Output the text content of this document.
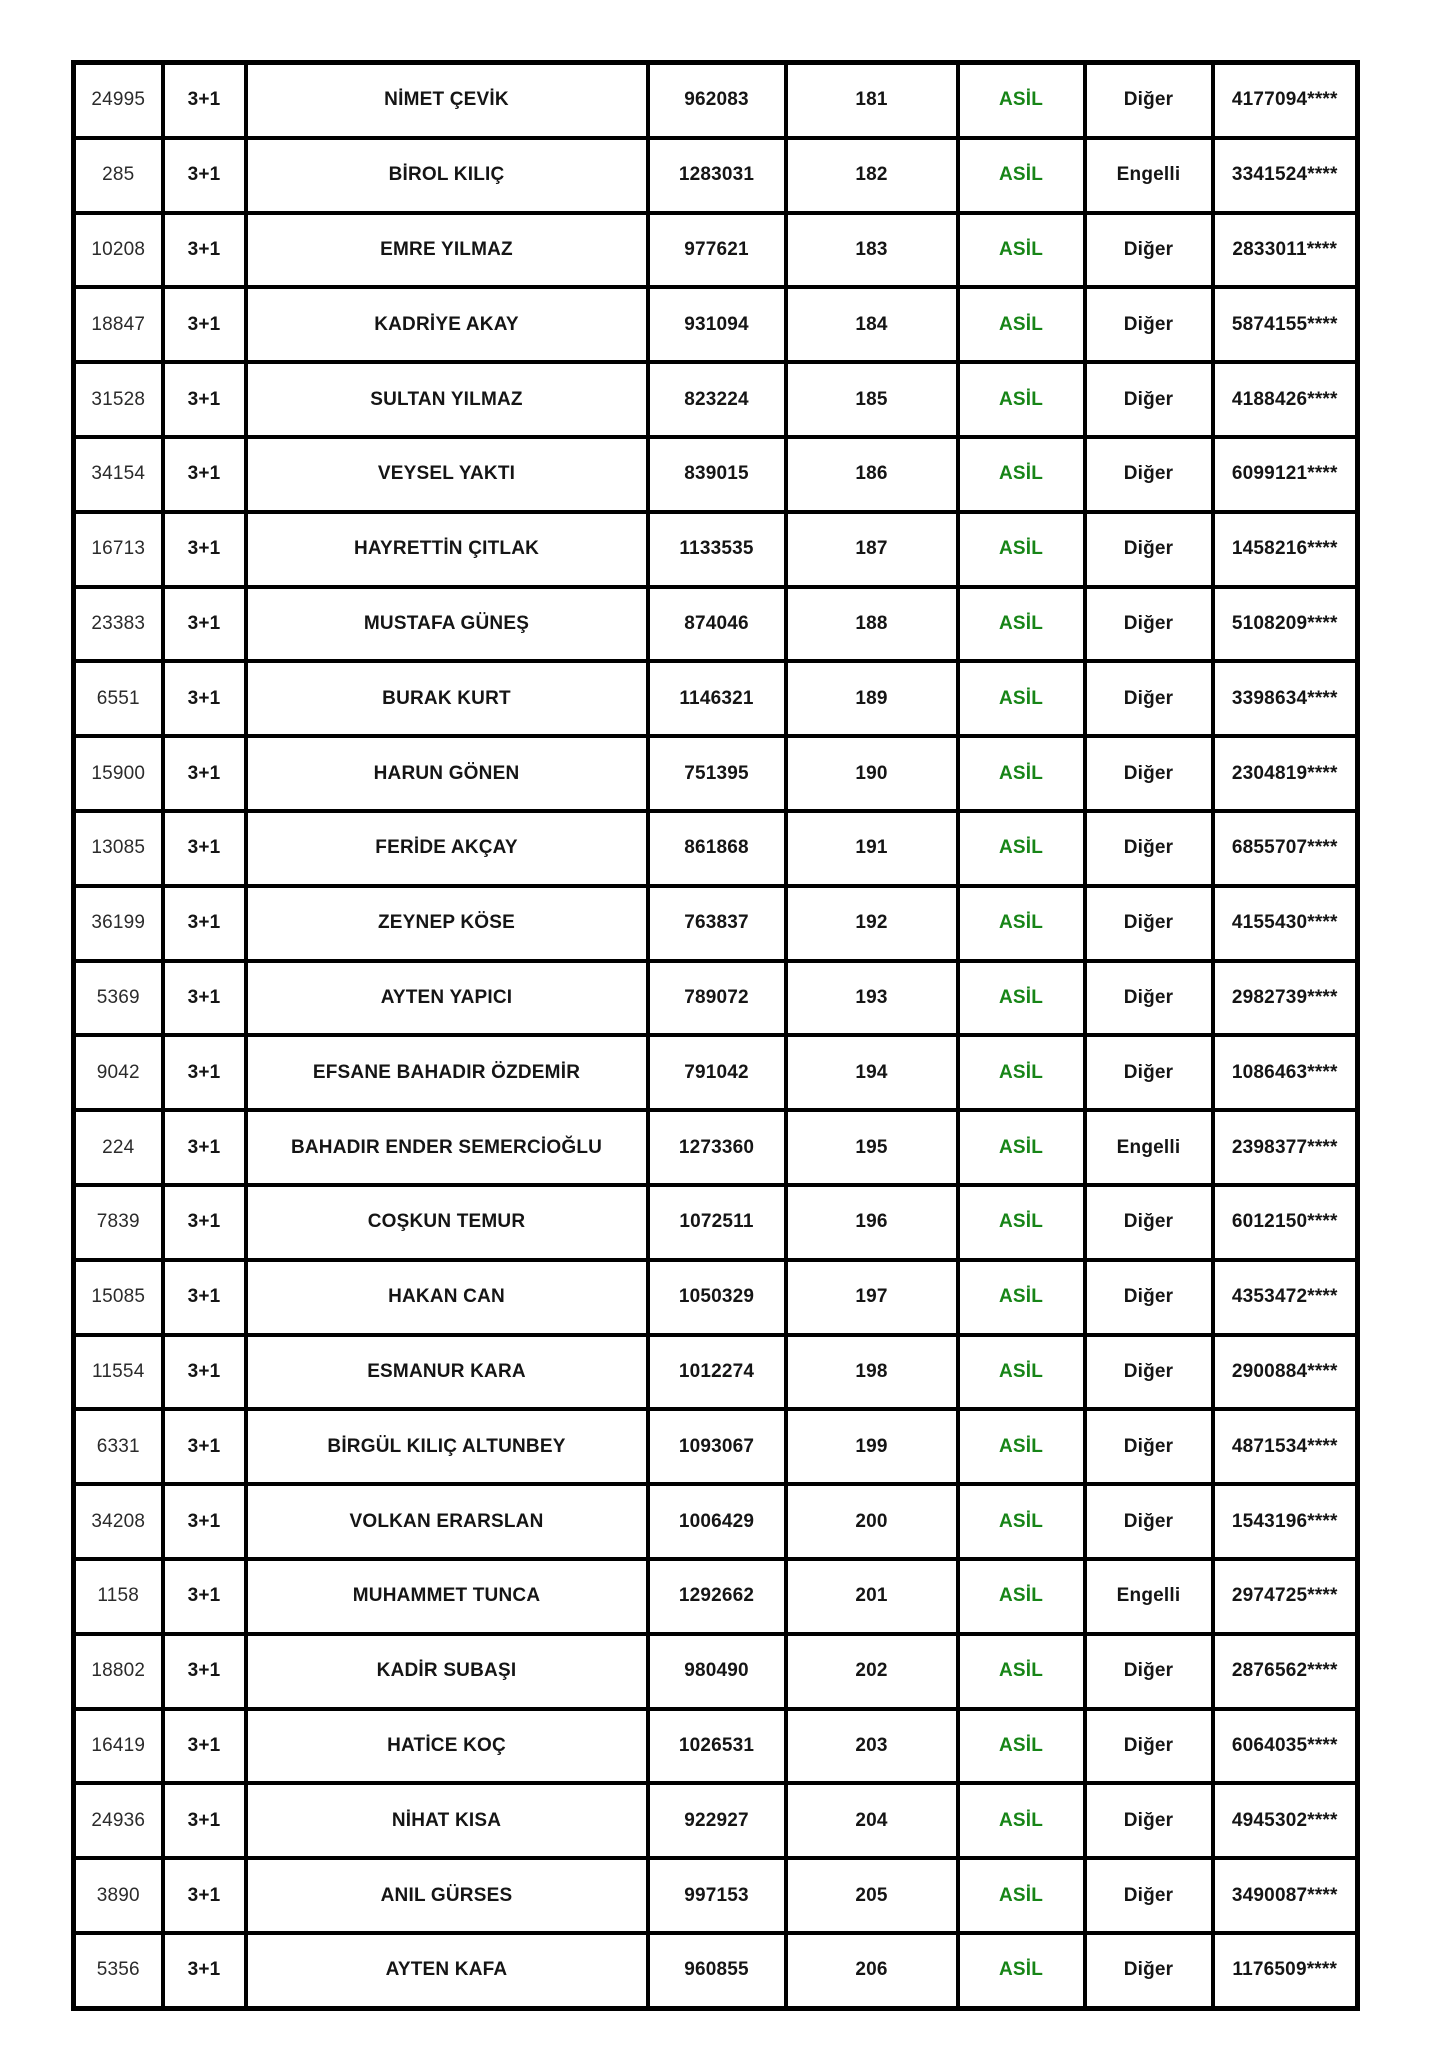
24995	3+1	NİMET ÇEVİK	962083	181	ASİL	Diğer	4177094****
285	3+1	BİROL KILIÇ	1283031	182	ASİL	Engelli	3341524****
10208	3+1	EMRE YILMAZ	977621	183	ASİL	Diğer	2833011****
18847	3+1	KADRİYE AKAY	931094	184	ASİL	Diğer	5874155****
31528	3+1	SULTAN YILMAZ	823224	185	ASİL	Diğer	4188426****
34154	3+1	VEYSEL YAKTI	839015	186	ASİL	Diğer	6099121****
16713	3+1	HAYRETTİN ÇITLAK	1133535	187	ASİL	Diğer	1458216****
23383	3+1	MUSTAFA GÜNEŞ	874046	188	ASİL	Diğer	5108209****
6551	3+1	BURAK KURT	1146321	189	ASİL	Diğer	3398634****
15900	3+1	HARUN GÖNEN	751395	190	ASİL	Diğer	2304819****
13085	3+1	FERİDE AKÇAY	861868	191	ASİL	Diğer	6855707****
36199	3+1	ZEYNEP KÖSE	763837	192	ASİL	Diğer	4155430****
5369	3+1	AYTEN YAPICI	789072	193	ASİL	Diğer	2982739****
9042	3+1	EFSANE BAHADIR ÖZDEMİR	791042	194	ASİL	Diğer	1086463****
224	3+1	BAHADIR ENDER SEMERCİOĞLU	1273360	195	ASİL	Engelli	2398377****
7839	3+1	COŞKUN TEMUR	1072511	196	ASİL	Diğer	6012150****
15085	3+1	HAKAN CAN	1050329	197	ASİL	Diğer	4353472****
11554	3+1	ESMANUR KARA	1012274	198	ASİL	Diğer	2900884****
6331	3+1	BİRGÜL KILIÇ ALTUNBEY	1093067	199	ASİL	Diğer	4871534****
34208	3+1	VOLKAN ERARSLAN	1006429	200	ASİL	Diğer	1543196****
1158	3+1	MUHAMMET TUNCA	1292662	201	ASİL	Engelli	2974725****
18802	3+1	KADİR SUBAŞI	980490	202	ASİL	Diğer	2876562****
16419	3+1	HATİCE KOÇ	1026531	203	ASİL	Diğer	6064035****
24936	3+1	NİHAT KISA	922927	204	ASİL	Diğer	4945302****
3890	3+1	ANIL GÜRSES	997153	205	ASİL	Diğer	3490087****
5356	3+1	AYTEN KAFA	960855	206	ASİL	Diğer	1176509****
